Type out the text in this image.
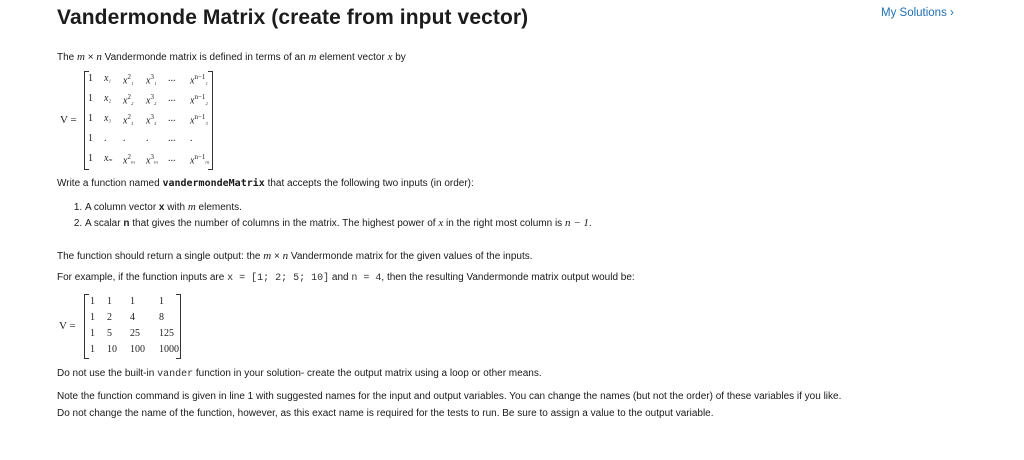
Vandermonde Matrix (create from input vector)	My Solutions ›

The m × n Vandermonde matrix is defined in terms of an m element vector x by

V =
1 x₁ $x^2_1$ $x^3_1$ ... $x^{n-1}_1$
1 x₂ $x^2_2$ $x^3_2$ ... $x^{n-1}_2$
1 x₃ $x^2_3$ $x^3_3$ ... $x^{n-1}_3$
1 . . . ... .
1 xₘ $x^2_m$ $x^3_m$ ... $x^{n-1}_m$

Write a function named vandermondeMatrix that accepts the following two inputs (in order):

1. A column vector x with m elements.
2. A scalar n that gives the number of columns in the matrix. The highest power of x in the right most column is n − 1.

The function should return a single output: the m × n Vandermonde matrix for the given values of the inputs.

For example, if the function inputs are x = [1; 2; 5; 10] and n = 4, then the resulting Vandermonde matrix output would be:

V =
1 1 1 1
1 2 4 8
1 5 25 125
1 10 100 1000

Do not use the built-in vander function in your solution- create the output matrix using a loop or other means.

Note the function command is given in line 1 with suggested names for the input and output variables. You can change the names (but not the order) of these variables if you like.

Do not change the name of the function, however, as this exact name is required for the tests to run. Be sure to assign a value to the output variable.
